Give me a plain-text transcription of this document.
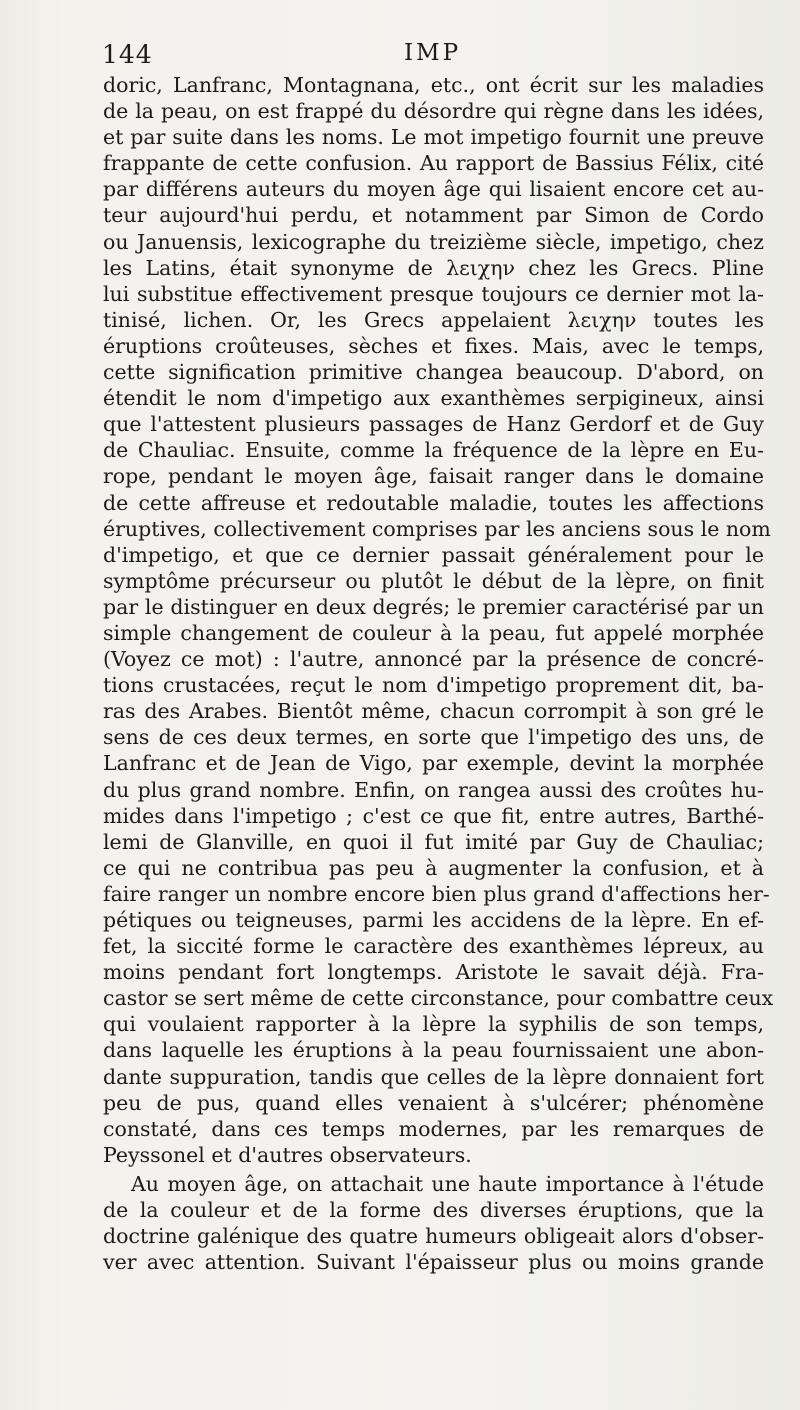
144	IMP
doric, Lanfranc, Montagnana, etc., ont écrit sur les maladies
de la peau, on est frappé du désordre qui règne dans les idées,
et par suite dans les noms. Le mot impetigo fournit une preuve
frappante de cette confusion. Au rapport de Bassius Félix, cité
par différens auteurs du moyen âge qui lisaient encore cet au-
teur aujourd'hui perdu, et notamment par Simon de Cordo
ou Januensis, lexicographe du treizième siècle, impetigo, chez
les Latins, était synonyme de λειχην chez les Grecs. Pline
lui substitue effectivement presque toujours ce dernier mot la-
tinisé, lichen. Or, les Grecs appelaient λειχην toutes les
éruptions croûteuses, sèches et fixes. Mais, avec le temps,
cette signification primitive changea beaucoup. D'abord, on
étendit le nom d'impetigo aux exanthèmes serpigineux, ainsi
que l'attestent plusieurs passages de Hanz Gerdorf et de Guy
de Chauliac. Ensuite, comme la fréquence de la lèpre en Eu-
rope, pendant le moyen âge, faisait ranger dans le domaine
de cette affreuse et redoutable maladie, toutes les affections
éruptives, collectivement comprises par les anciens sous le nom
d'impetigo, et que ce dernier passait généralement pour le
symptôme précurseur ou plutôt le début de la lèpre, on finit
par le distinguer en deux degrés; le premier caractérisé par un
simple changement de couleur à la peau, fut appelé morphée
(Voyez ce mot) : l'autre, annoncé par la présence de concré-
tions crustacées, reçut le nom d'impetigo proprement dit, ba-
ras des Arabes. Bientôt même, chacun corrompit à son gré le
sens de ces deux termes, en sorte que l'impetigo des uns, de
Lanfranc et de Jean de Vigo, par exemple, devint la morphée
du plus grand nombre. Enfin, on rangea aussi des croûtes hu-
mides dans l'impetigo ; c'est ce que fit, entre autres, Barthé-
lemi de Glanville, en quoi il fut imité par Guy de Chauliac;
ce qui ne contribua pas peu à augmenter la confusion, et à
faire ranger un nombre encore bien plus grand d'affections her-
pétiques ou teigneuses, parmi les accidens de la lèpre. En ef-
fet, la siccité forme le caractère des exanthèmes lépreux, au
moins pendant fort longtemps. Aristote le savait déjà. Fra-
castor se sert même de cette circonstance, pour combattre ceux
qui voulaient rapporter à la lèpre la syphilis de son temps,
dans laquelle les éruptions à la peau fournissaient une abon-
dante suppuration, tandis que celles de la lèpre donnaient fort
peu de pus, quand elles venaient à s'ulcérer; phénomène
constaté, dans ces temps modernes, par les remarques de
Peyssonel et d'autres observateurs.
Au moyen âge, on attachait une haute importance à l'étude
de la couleur et de la forme des diverses éruptions, que la
doctrine galénique des quatre humeurs obligeait alors d'obser-
ver avec attention. Suivant l'épaisseur plus ou moins grande
